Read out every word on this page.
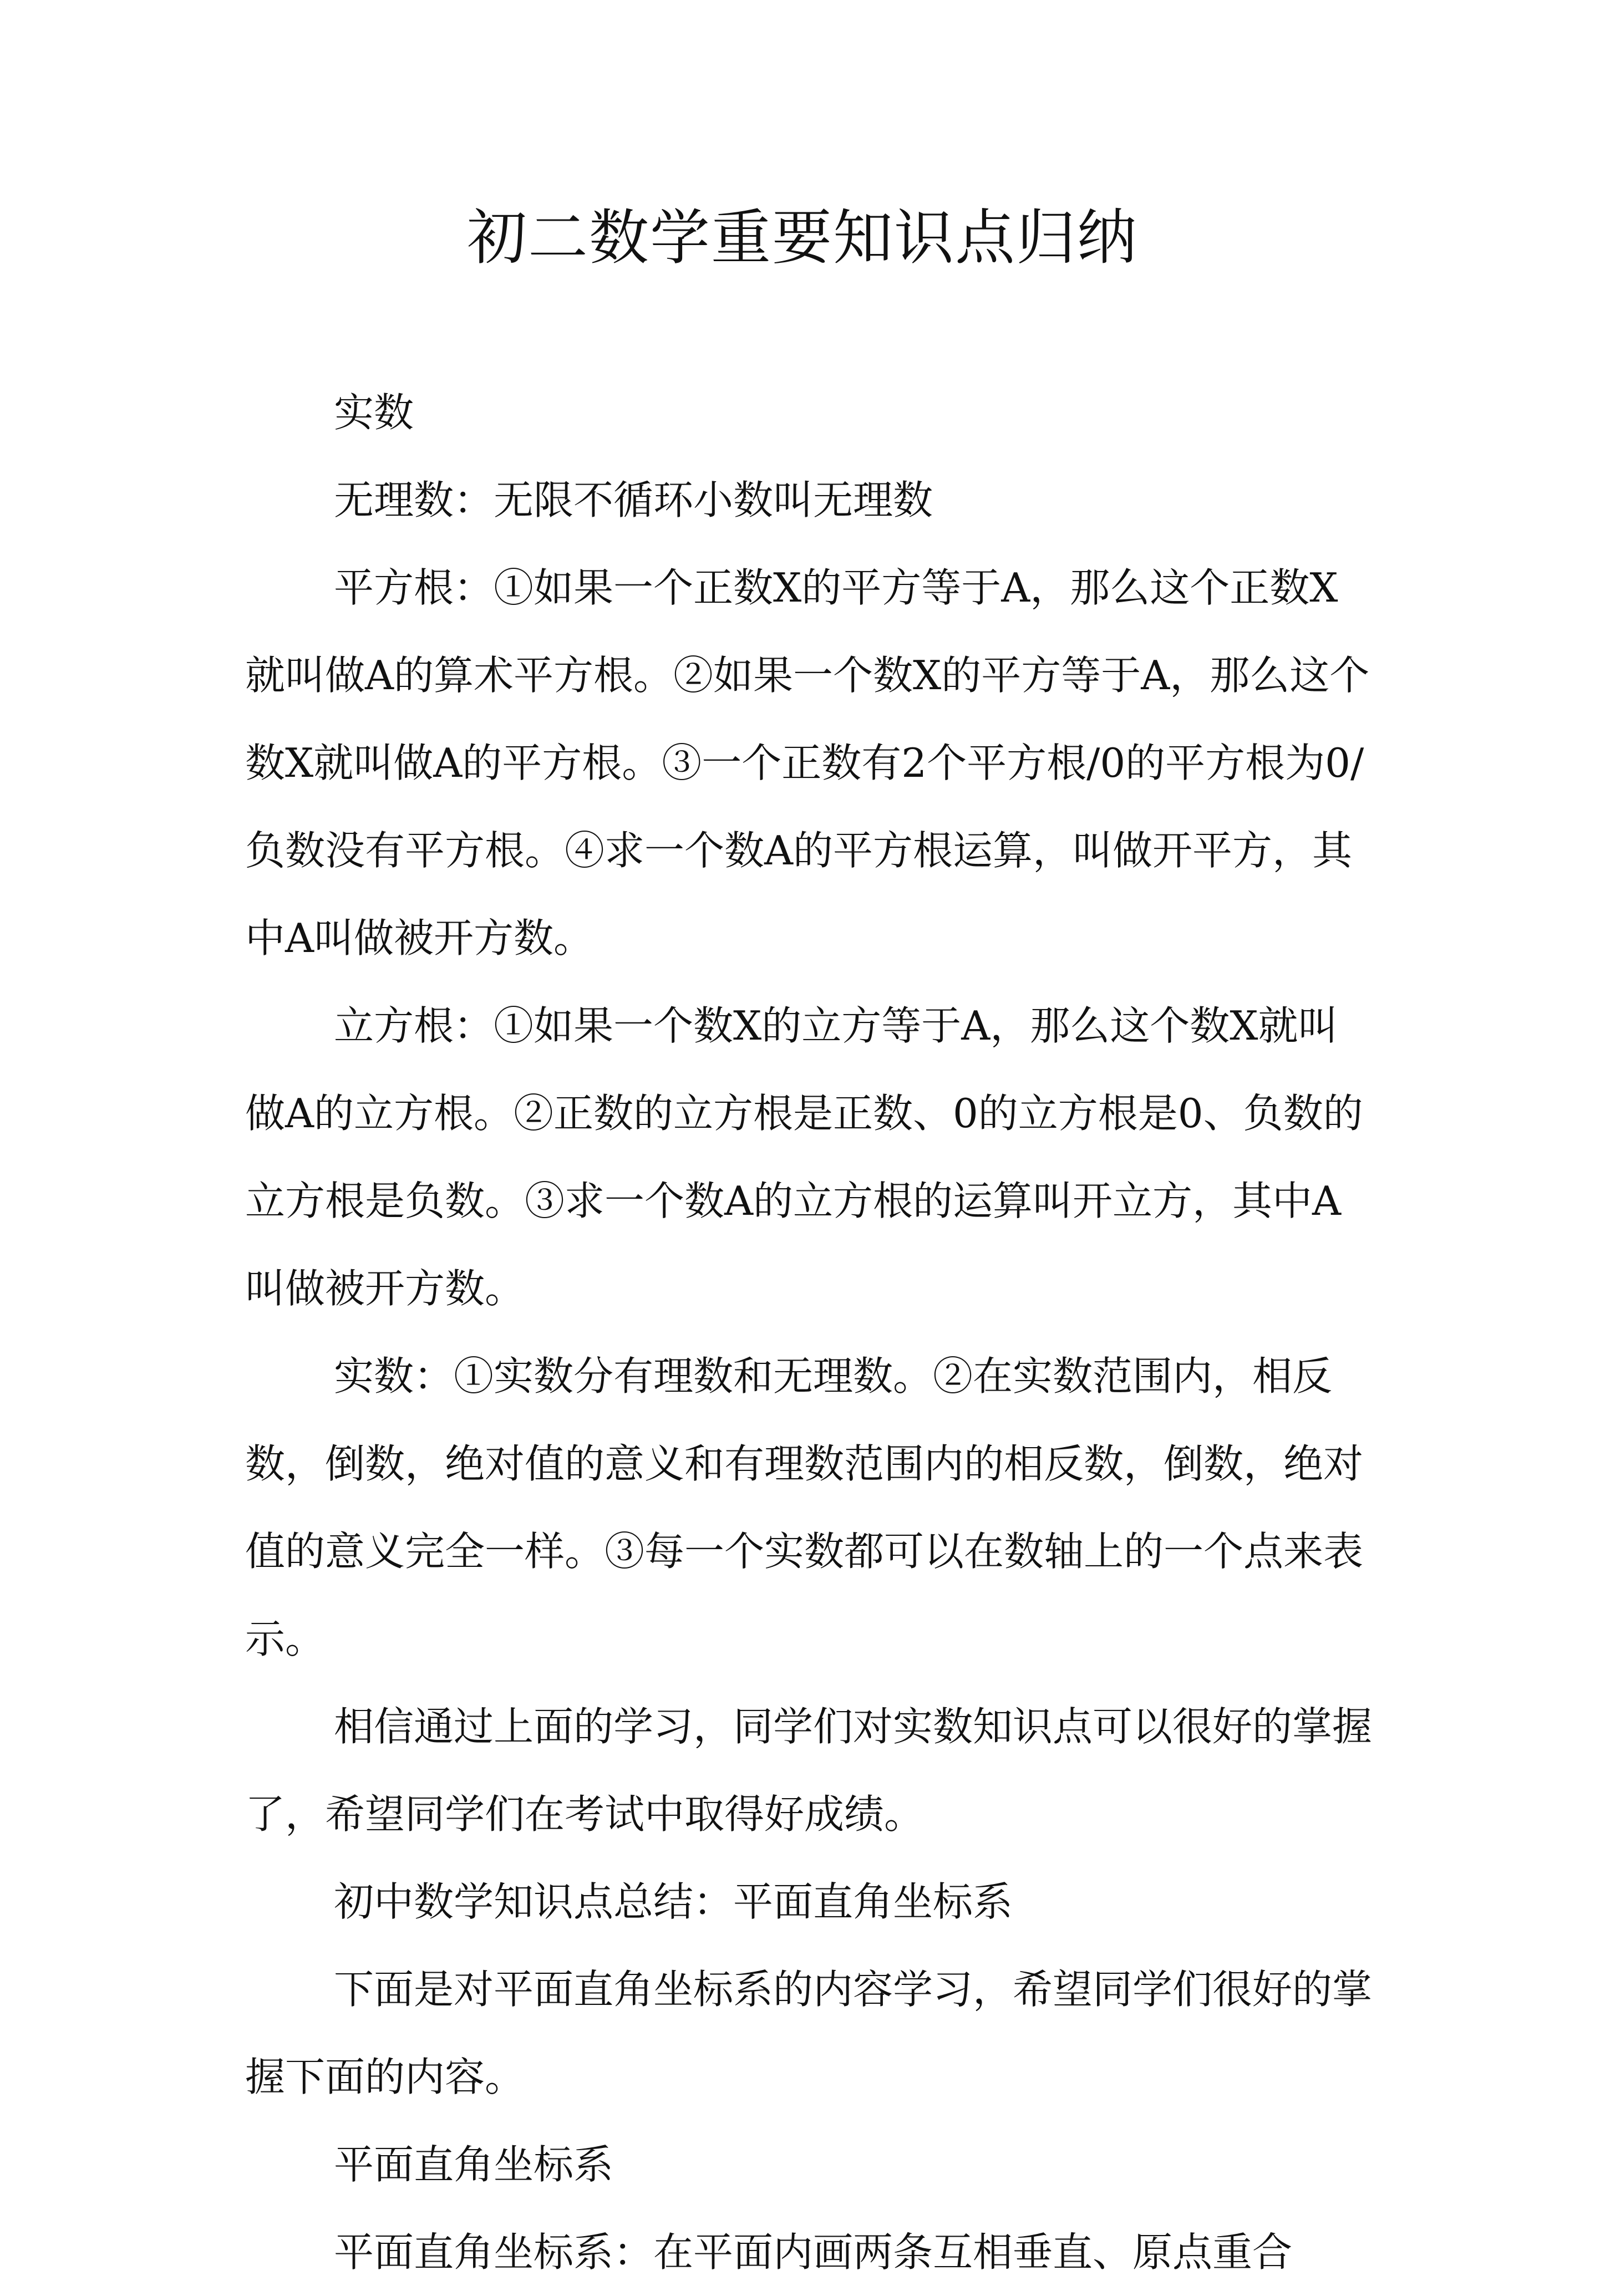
初二数学重要知识点归纳

实数

无理数：无限不循环小数叫无理数

平方根：①如果一个正数X的平方等于A，那么这个正数X就叫做A的算术平方根。②如果一个数X的平方等于A，那么这个数X就叫做A的平方根。③一个正数有2个平方根/0的平方根为0/负数没有平方根。④求一个数A的平方根运算，叫做开平方，其中A叫做被开方数。

立方根：①如果一个数X的立方等于A，那么这个数X就叫做A的立方根。②正数的立方根是正数、0的立方根是0、负数的立方根是负数。③求一个数A的立方根的运算叫开立方，其中A叫做被开方数。

实数：①实数分有理数和无理数。②在实数范围内，相反数，倒数，绝对值的意义和有理数范围内的相反数，倒数，绝对值的意义完全一样。③每一个实数都可以在数轴上的一个点来表示。

相信通过上面的学习，同学们对实数知识点可以很好的掌握了，希望同学们在考试中取得好成绩。

初中数学知识点总结：平面直角坐标系

下面是对平面直角坐标系的内容学习，希望同学们很好的掌握下面的内容。

平面直角坐标系

平面直角坐标系：在平面内画两条互相垂直、原点重合
